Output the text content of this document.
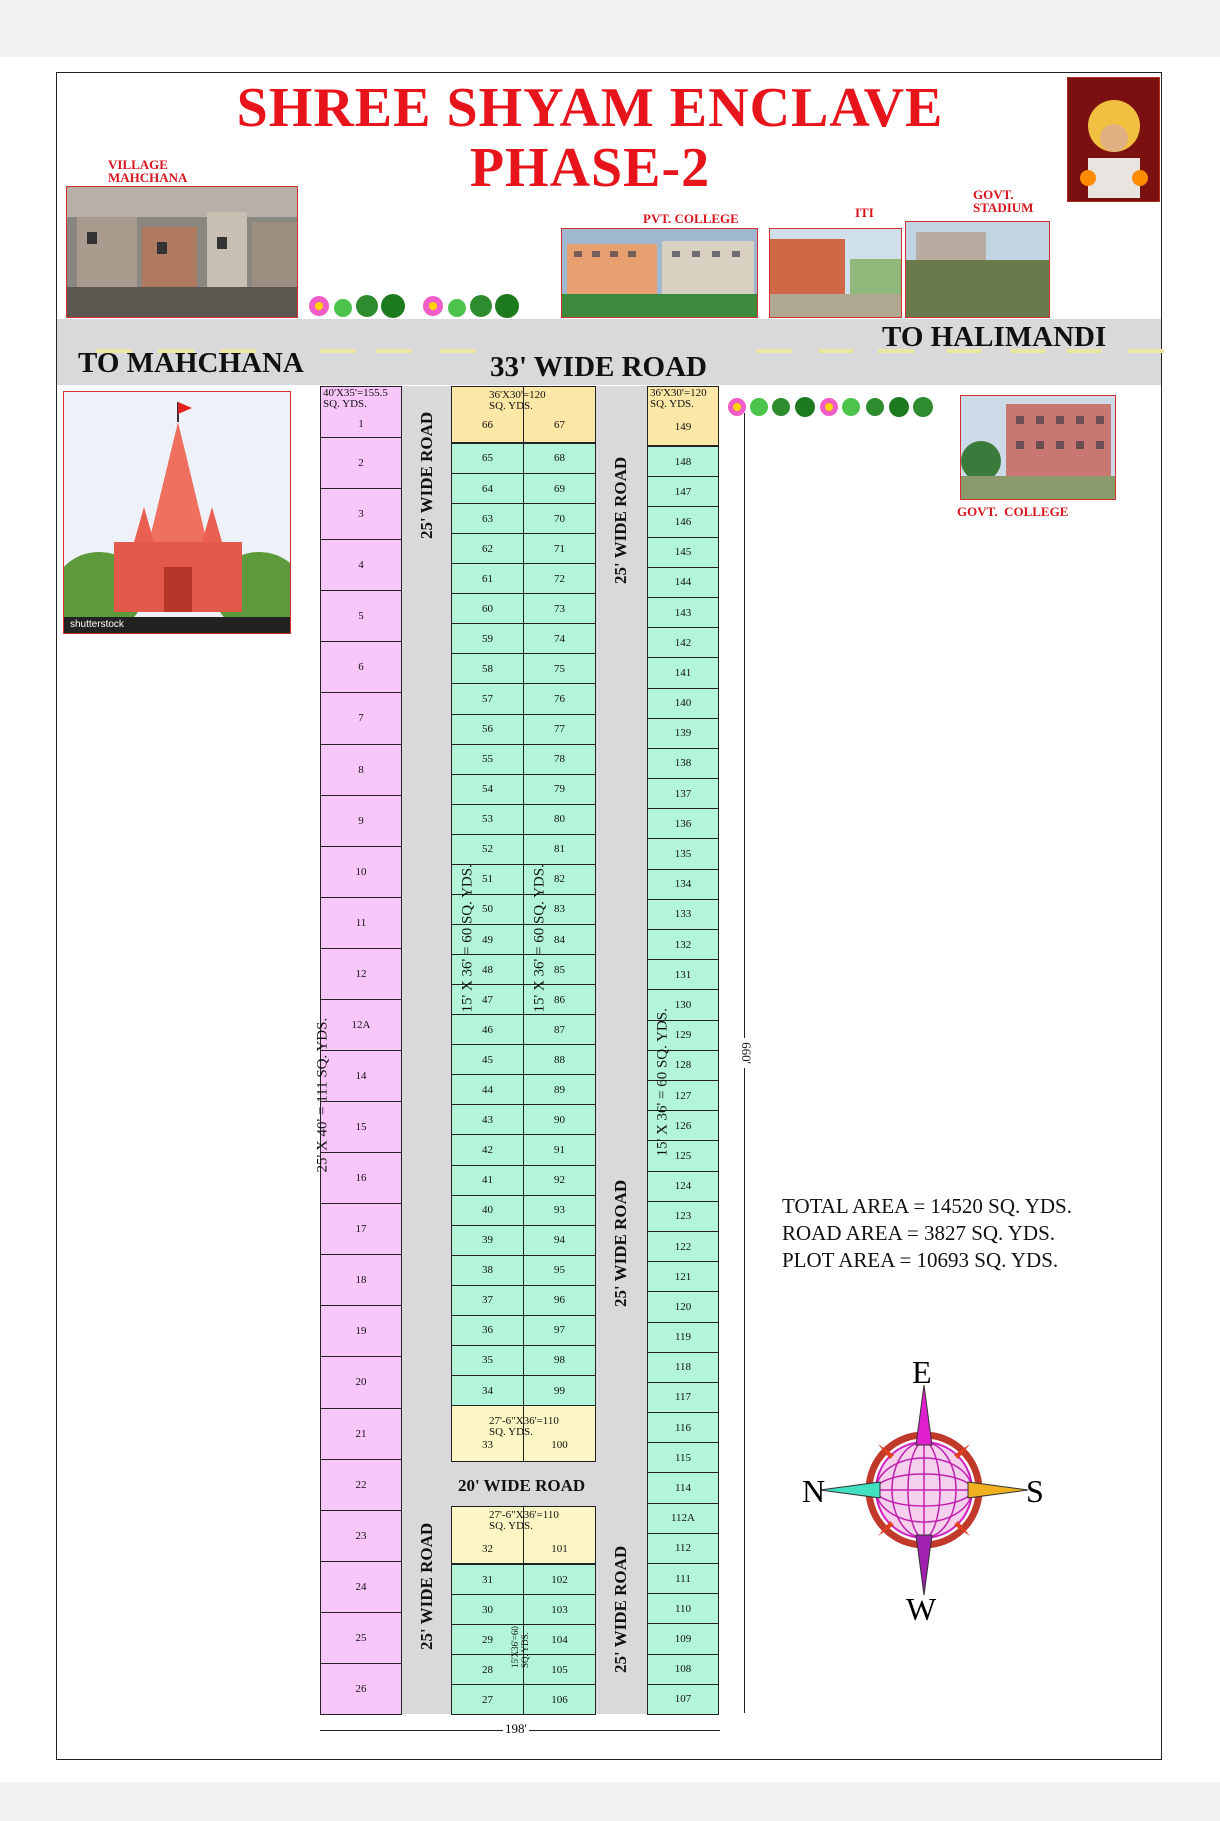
SHREE SHYAM ENCLAVE
PHASE-2
VILLAGE
MAHCHANA
PVT. COLLEGE	ITI
GOVT.
STADIUM
TO MAHCHANA
TO HALIMANDI
33' WIDE ROAD
shutterstock
GOVT.  COLLEGE
20' WIDE ROAD
25' WIDE ROAD	25' WIDE ROAD
25' WIDE ROAD
25' WIDE ROAD	25' WIDE ROAD
1
2
3
4
5
6
7
8
9
10
11
12
12A
14
15
16
17
18
19
20
21
22
23
24
25
26
40'X35'=155.5
SQ. YDS.
66	67
65	68
64	69
63	70
62	71
61	72
60	73
59	74
58	75
57	76
56	77
55	78
54	79
53	80
52	81
51	82
50	83
49	84
48	85
47	86
46	87
45	88
44	89
43	90
42	91
41	92
40	93
39	94
38	95
37	96
36	97
35	98
34	99
33	100
36'X30'=120
SQ. YDS.
27'-6"X36'=110
SQ. YDS.
32	101
31	102
30	103
29	104
28	105
27	106
27'-6"X36'=110
SQ. YDS.
149
148
147
146
145
144
143
142
141
140
139
138
137
136
135
134
133
132
131
130
129
128
127
126
125
124
123
122
121
120
119
118
117
116
115
114
112A
112
111
110
109
108
107
36'X30'=120
SQ. YDS.
25' X 40' = 111 SQ. YDS.
15' X 36' = 60 SQ. YDS.	15' X 36' = 60 SQ. YDS.
15' X 36' = 60 SQ. YDS.
15'X36'=60
SQ. YDS.
660'
198'
TOTAL AREA = 14520 SQ. YDS.
ROAD AREA = 3827 SQ. YDS.
PLOT AREA = 10693 SQ. YDS.
E
W
N	S
